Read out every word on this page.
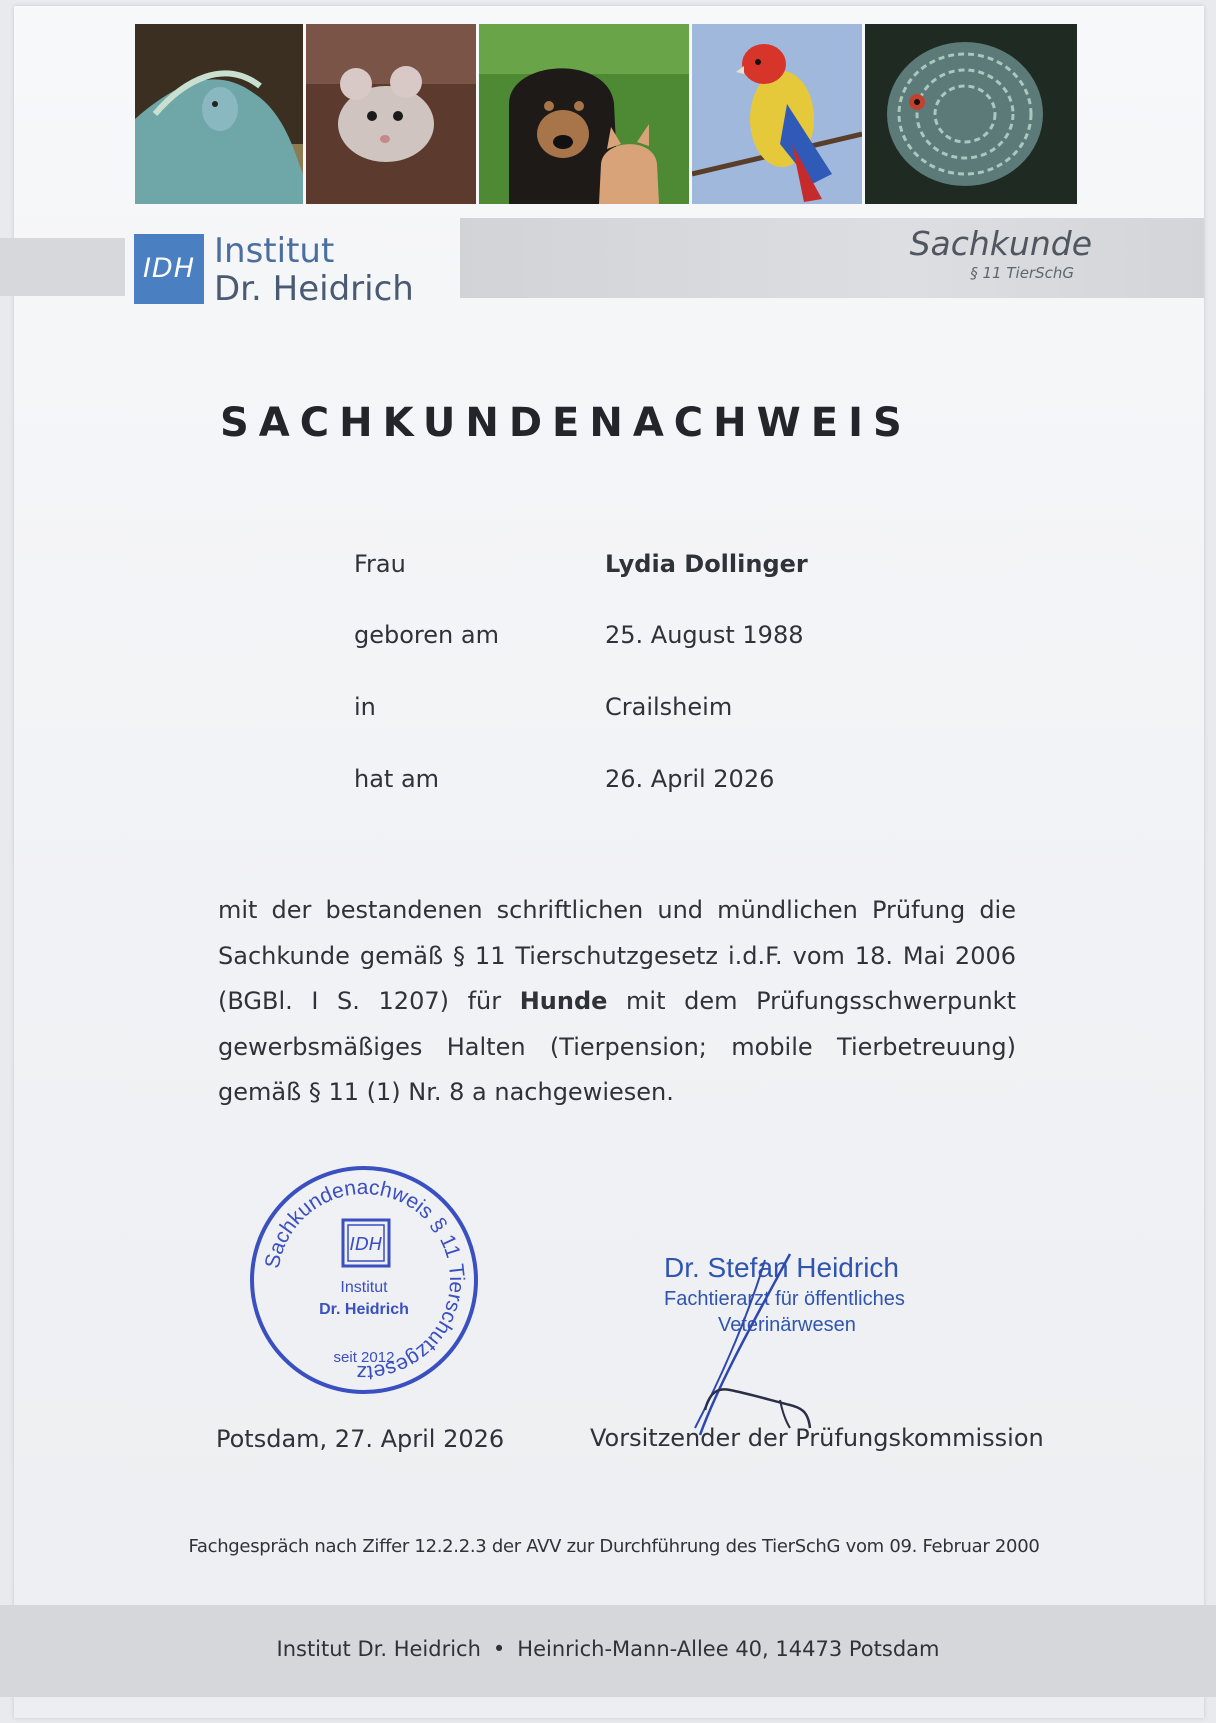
IDH Institut
Dr. Heidrich
Sachkunde
§ 11 TierSchG
SACHKUNDENACHWEIS
Frau	Lydia Dollinger
geboren am	25. August 1988
in	Crailsheim
hat am	26. April 2026
mit der bestandenen schriftlichen und mündlichen Prüfung die Sachkunde gemäß § 11 Tierschutzgesetz i.d.F. vom 18. Mai 2006 (BGBl. I S. 1207) für Hunde mit dem Prüfungsschwerpunkt gewerbsmäßiges Halten (Tierpension; mobile Tierbetreuung) gemäß § 11 (1) Nr. 8 a nachgewiesen.
Sachkundenachweis § 11 Tierschutzgesetz
IDH
Institut
Dr. Heidrich
seit 2012
Dr. Stefan Heidrich
Fachtierarzt für öffentliches
Veterinärwesen
Potsdam, 27. April 2026	Vorsitzender der Prüfungskommission
Fachgespräch nach Ziffer 12.2.2.3 der AVV zur Durchführung des TierSchG vom 09. Februar 2000
Institut Dr. Heidrich • Heinrich-Mann-Allee 40, 14473 Potsdam
